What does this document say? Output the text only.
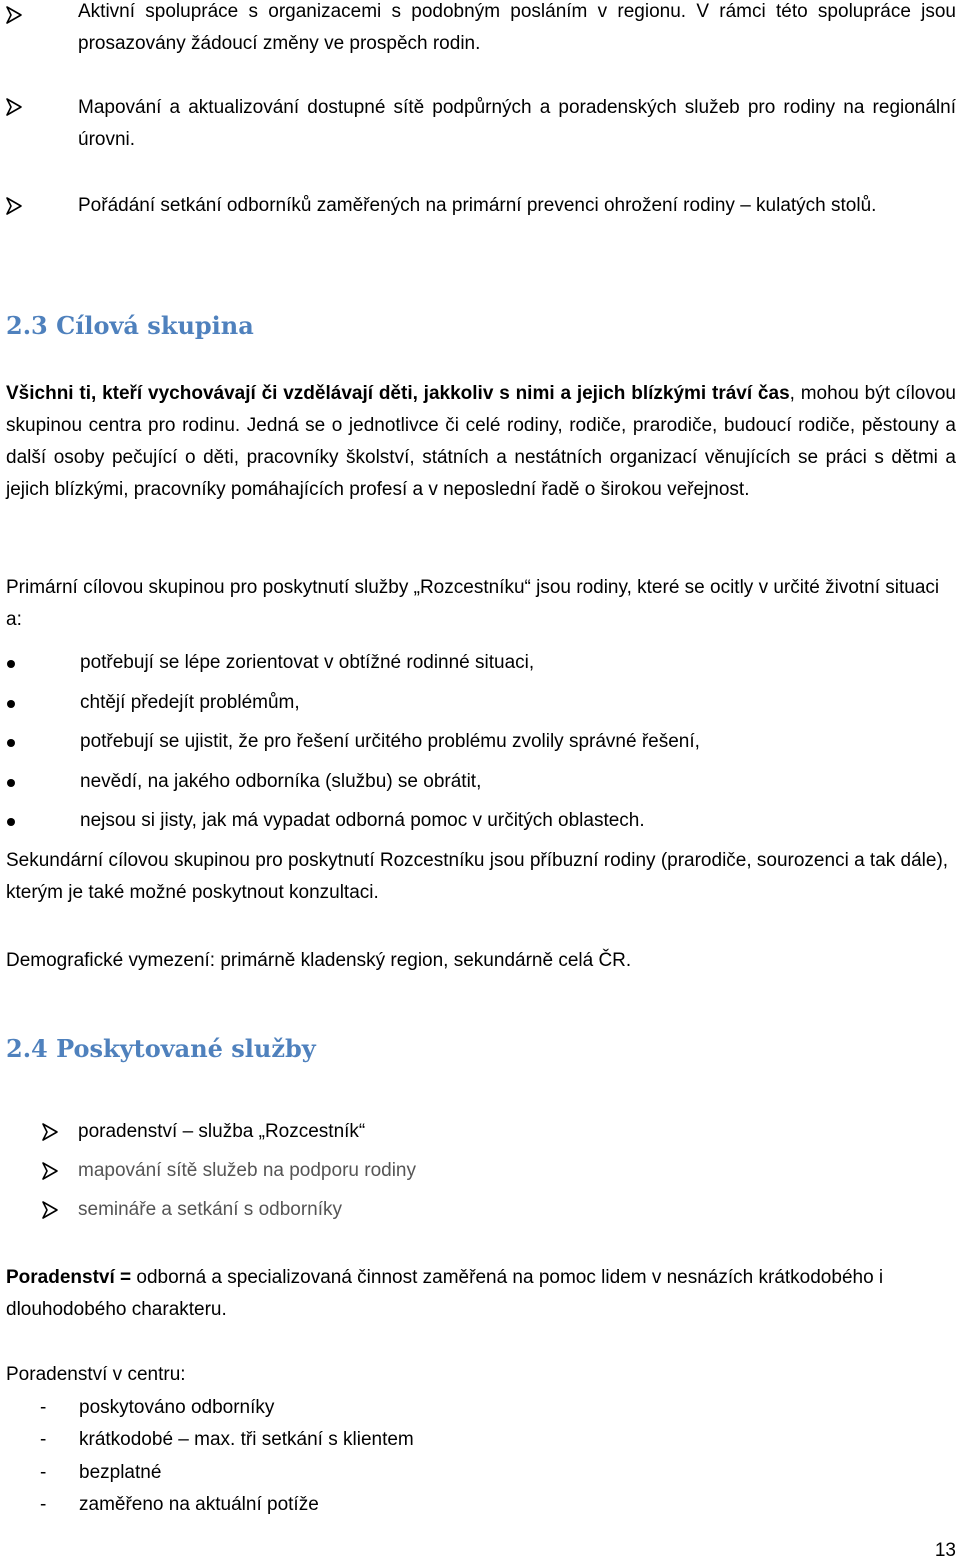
Aktivní spolupráce s organizacemi s podobným posláním v regionu. V rámci této spolupráce jsou prosazovány žádoucí změny ve prospěch rodin.
Mapování a aktualizování dostupné sítě podpůrných a poradenských služeb pro rodiny na regionální úrovni.
Pořádání setkání odborníků zaměřených na primární prevenci ohrožení rodiny – kulatých stolů.
2.3 Cílová skupina
Všichni ti, kteří vychovávají či vzdělávají děti, jakkoliv s nimi a jejich blízkými tráví čas, mohou být cílovou skupinou centra pro rodinu. Jedná se o jednotlivce či celé rodiny, rodiče, prarodiče, budoucí rodiče, pěstouny a další osoby pečující o děti, pracovníky školství, státních a nestátních organizací věnujících se práci s dětmi a jejich blízkými, pracovníky pomáhajících profesí a v neposlední řadě o širokou veřejnost.
Primární cílovou skupinou pro poskytnutí služby „Rozcestníku“ jsou rodiny, které se ocitly v určité životní situaci a:
potřebují se lépe zorientovat v obtížné rodinné situaci,
chtějí předejít problémům,
potřebují se ujistit, že pro řešení určitého problému zvolily správné řešení,
nevědí, na jakého odborníka (službu) se obrátit,
nejsou si jisty, jak má vypadat odborná pomoc v určitých oblastech.
Sekundární cílovou skupinou pro poskytnutí Rozcestníku jsou příbuzní rodiny (prarodiče, sourozenci a tak dále), kterým je také možné poskytnout konzultaci.
Demografické vymezení: primárně kladenský region, sekundárně celá ČR.
2.4 Poskytované služby
poradenství – služba „Rozcestník“
mapování sítě služeb na podporu rodiny
semináře a setkání s odborníky
Poradenství = odborná a specializovaná činnost zaměřená na pomoc lidem v nesnázích krátkodobého i dlouhodobého charakteru.
Poradenství v centru:
- poskytováno odborníky
- krátkodobé – max. tři setkání s klientem
- bezplatné
- zaměřeno na aktuální potíže
13
